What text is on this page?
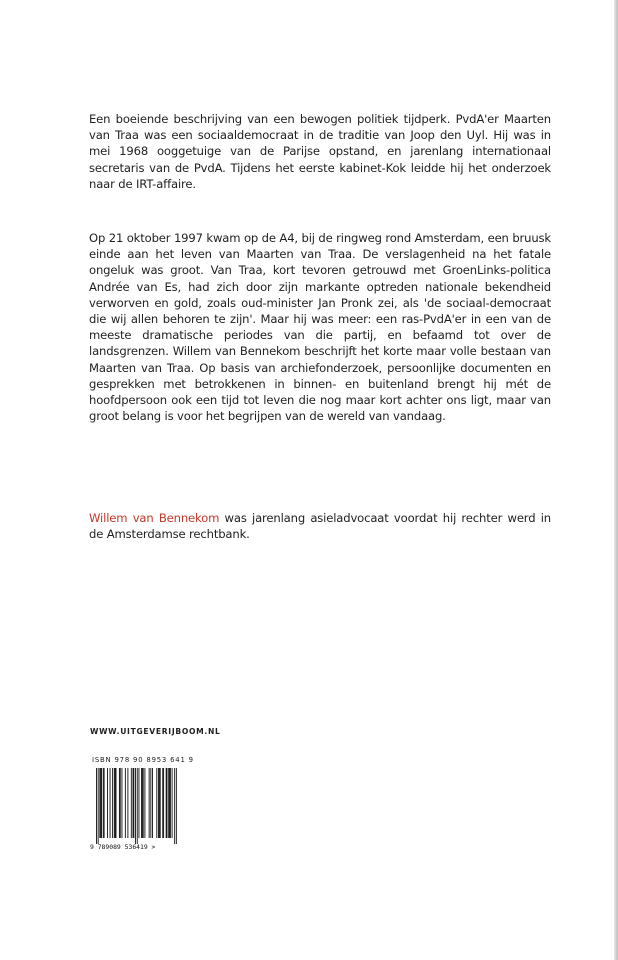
Een boeiende beschrijving van een bewogen politiek tijdperk. PvdA'er Maarten van Traa was een sociaaldemocraat in de traditie van Joop den Uyl. Hij was in mei 1968 ooggetuige van de Parijse opstand, en jarenlang internationaal secretaris van de PvdA. Tijdens het eerste kabinet-Kok leidde hij het onderzoek naar de IRT-affaire.

Op 21 oktober 1997 kwam op de A4, bij de ringweg rond Amsterdam, een bruusk einde aan het leven van Maarten van Traa. De verslagenheid na het fatale ongeluk was groot. Van Traa, kort tevoren getrouwd met GroenLinks-politica Andrée van Es, had zich door zijn markante optreden nationale bekendheid verworven en gold, zoals oud-minister Jan Pronk zei, als 'de sociaal-democraat die wij allen behoren te zijn'. Maar hij was meer: een ras-PvdA'er in een van de meeste dramatische periodes van die partij, en befaamd tot over de landsgrenzen. Willem van Bennekom beschrijft het korte maar volle bestaan van Maarten van Traa. Op basis van archiefonderzoek, persoonlijke documenten en gesprekken met betrokkenen in binnen- en buitenland brengt hij mét de hoofdpersoon ook een tijd tot leven die nog maar kort achter ons ligt, maar van groot belang is voor het begrijpen van de wereld van vandaag.

Willem van Bennekom was jarenlang asieladvocaat voordat hij rechter werd in de Amsterdamse rechtbank.

WWW.UITGEVERIJBOOM.NL
ISBN 978 90 8953 641 9
9 789089 536419 >
